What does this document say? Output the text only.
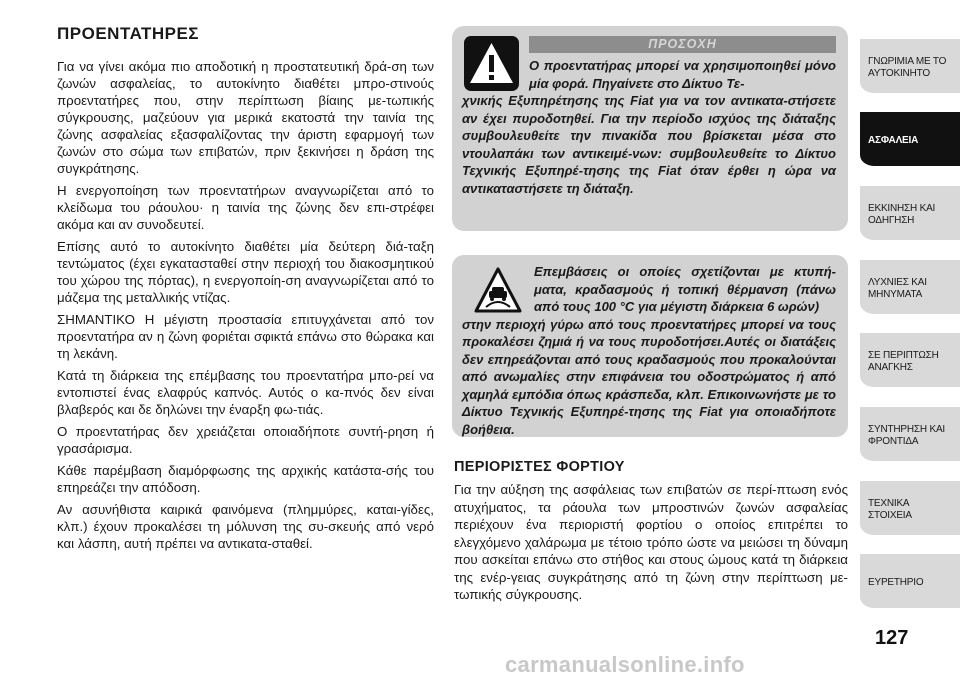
ΠΡΟΕΝΤΑΤΗΡΕΣ

Για να γίνει ακόμα πιο αποδοτική η προστατευτική δρά-ση των ζωνών ασφαλείας, το αυτοκίνητο διαθέτει μπρο-στινούς προεντατήρες που, στην περίπτωση βίαιης με-τωπικής σύγκρουσης, μαζεύουν για μερικά εκατοστά την ταινία της ζώνης ασφαλείας εξασφαλίζοντας την άριστη εφαρμογή των ζωνών στο σώμα των επιβατών, πριν ξεκινήσει η δράση της συγκράτησης.

Η ενεργοποίηση των προεντατήρων αναγνωρίζεται από το κλείδωμα του ράουλου· η ταινία της ζώνης δεν επι-στρέφει ακόμα και αν συνοδευτεί.

Επίσης αυτό το αυτοκίνητο διαθέτει μία δεύτερη διά-ταξη τεντώματος (έχει εγκατασταθεί στην περιοχή του διακοσμητικού του χώρου της πόρτας), η ενεργοποίη-ση αναγνωρίζεται από το μάζεμα της μεταλλικής ντίζας.

ΣΗΜΑΝΤΙΚΟ Η μέγιστη προστασία επιτυγχάνεται από τον προεντατήρα αν η ζώνη φοριέται σφικτά επάνω στο θώρακα και τη λεκάνη.

Κατά τη διάρκεια της επέμβασης του προεντατήρα μπο-ρεί να εντοπιστεί ένας ελαφρύς καπνός. Αυτός ο κα-πνός δεν είναι βλαβερός και δε δηλώνει την έναρξη φω-τιάς.

Ο προεντατήρας δεν χρειάζεται οποιαδήποτε συντή-ρηση ή γρασάρισμα.

Κάθε παρέμβαση διαμόρφωσης της αρχικής κατάστα-σής του επηρεάζει την απόδοση.

Αν ασυνήθιστα καιρικά φαινόμενα (πλημμύρες, καται-γίδες, κλπ.) έχουν προκαλέσει τη μόλυνση της συ-σκευής από νερό και λάσπη, αυτή πρέπει να αντικατα-σταθεί.

ΠΡΟΣΟΧΗ
Ο προεντατήρας μπορεί να χρησιμοποιηθεί μόνο μία φορά. Πηγαίνετε στο Δίκτυο Τε-
χνικής Εξυπηρέτησης της Fiat για να τον αντικατα-στήσετε αν έχει πυροδοτηθεί. Για την περίοδο ισχύος της διάταξης συμβουλευθείτε την πινακίδα που βρίσκεται μέσα στο ντουλαπάκι των αντικειμέ-νων: συμβουλευθείτε το Δίκτυο Τεχνικής Εξυπηρέ-τησης της Fiat όταν έρθει η ώρα να αντικαταστήσετε τη διάταξη.
Επεμβάσεις οι οποίες σχετίζονται με κτυπή-ματα, κραδασμούς ή τοπική θέρμανση (πάνω από τους 100 °C για μέγιστη διάρκεια 6 ωρών)
στην περιοχή γύρω από τους προεντατήρες μπορεί να τους προκαλέσει ζημιά ή να τους πυροδοτήσει.Αυτές οι διατάξεις δεν επηρεάζονται από τους κραδασμούς που προκαλούνται από ανωμαλίες στην επιφάνεια του οδοστρώματος ή από χαμηλά εμπόδια όπως κράσπεδα, κλπ. Επικοινωνήστε με το Δίκτυο Τεχνικής Εξυπηρέ-τησης της Fiat για οποιαδήποτε βοήθεια.
ΠΕΡΙΟΡΙΣΤΕΣ ΦΟΡΤΙΟΥ

Για την αύξηση της ασφάλειας των επιβατών σε περί-πτωση ενός ατυχήματος, τα ράουλα των μπροστινών ζωνών ασφαλείας περιέχουν ένα περιοριστή φορτίου ο οποίος επιτρέπει το ελεγχόμενο χαλάρωμα με τέτοιο τρόπο ώστε να μειώσει τη δύναμη που ασκείται επάνω στο στήθος και στους ώμους κατά τη διάρκεια της ενέρ-γειας συγκράτησης από τη ζώνη στην περίπτωση με-τωπικής σύγκρουσης.

ΓΝΩΡΙΜΙΑ ΜΕ ΤΟ ΑΥΤΟΚΙΝΗΤΟ
ΑΣΦΑΛΕΙΑ
ΕΚΚΙΝΗΣΗ ΚΑΙ ΟΔΗΓΗΣΗ
ΛΥΧΝΙΕΣ ΚΑΙ ΜΗΝΥΜΑΤΑ
ΣΕ ΠΕΡΙΠΤΩΣΗ ΑΝΑΓΚΗΣ
ΣΥΝΤΗΡΗΣΗ ΚΑΙ ΦΡΟΝΤΙΔΑ
ΤΕΧΝΙΚΑ ΣΤΟΙΧΕΙΑ
ΕΥΡΕΤΗΡΙΟ
127
carmanualsonline.info
